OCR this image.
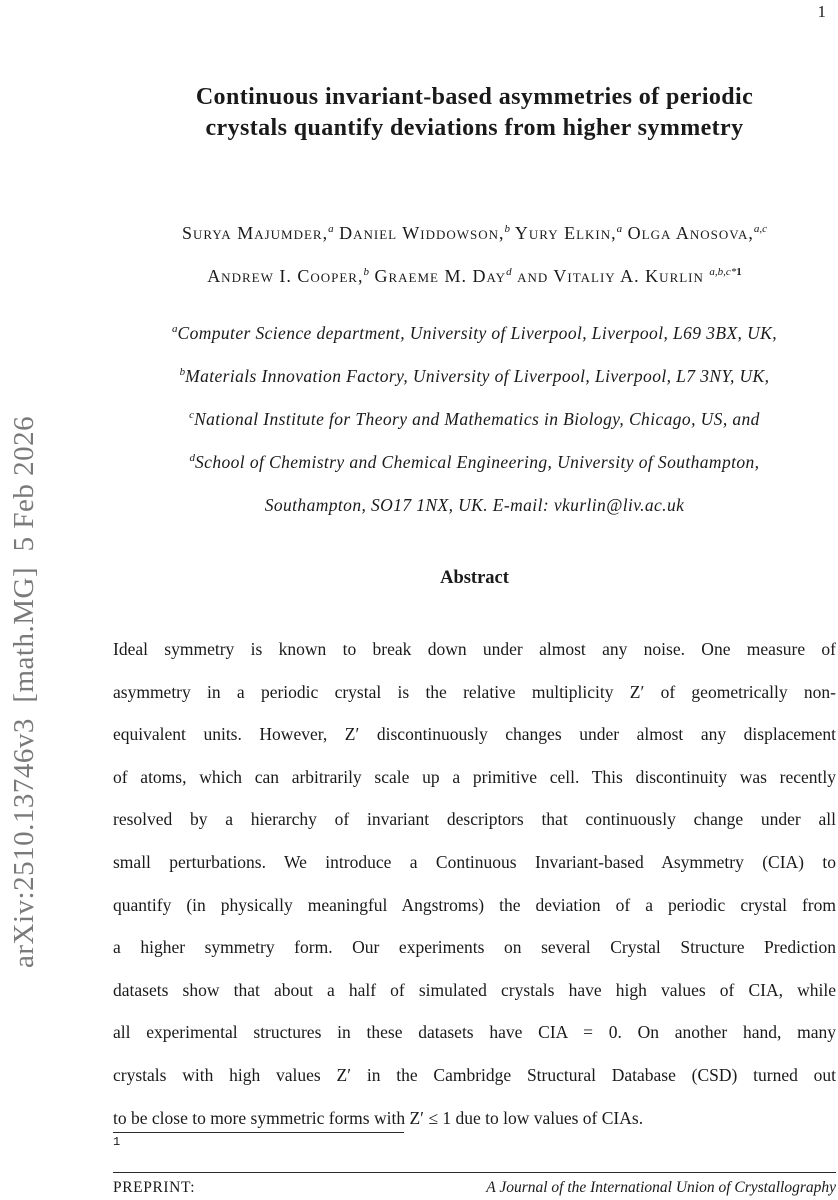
1
arXiv:2510.13746v3  [math.MG]  5 Feb 2026
Continuous invariant-based asymmetries of periodic
crystals quantify deviations from higher symmetry
Surya Majumder,$^a$ Daniel Widdowson,$^b$ Yury Elkin,$^a$ Olga Anosova,$^{a,c}$
Andrew I. Cooper,$^b$ Graeme M. Day$^d$ and Vitaliy A. Kurlin $^{a,b,c*1}$
$^a$Computer Science department, University of Liverpool, Liverpool, L69 3BX, UK,
$^b$Materials Innovation Factory, University of Liverpool, Liverpool, L7 3NY, UK,
$^c$National Institute for Theory and Mathematics in Biology, Chicago, US, and
$^d$School of Chemistry and Chemical Engineering, University of Southampton,
Southampton, SO17 1NX, UK. E-mail: vkurlin@liv.ac.uk
Abstract
Ideal symmetry is known to break down under almost any noise. One measure of
asymmetry in a periodic crystal is the relative multiplicity Z′ of geometrically non-
equivalent units. However, Z′ discontinuously changes under almost any displacement
of atoms, which can arbitrarily scale up a primitive cell. This discontinuity was recently
resolved by a hierarchy of invariant descriptors that continuously change under all
small perturbations. We introduce a Continuous Invariant-based Asymmetry (CIA) to
quantify (in physically meaningful Angstroms) the deviation of a periodic crystal from
a higher symmetry form. Our experiments on several Crystal Structure Prediction
datasets show that about a half of simulated crystals have high values of CIA, while
all experimental structures in these datasets have CIA = 0. On another hand, many
crystals with high values Z′ in the Cambridge Structural Database (CSD) turned out
to be close to more symmetric forms with Z′ ≤ 1 due to low values of CIAs.
1
PREPRINT:	A Journal of the International Union of Crystallography
